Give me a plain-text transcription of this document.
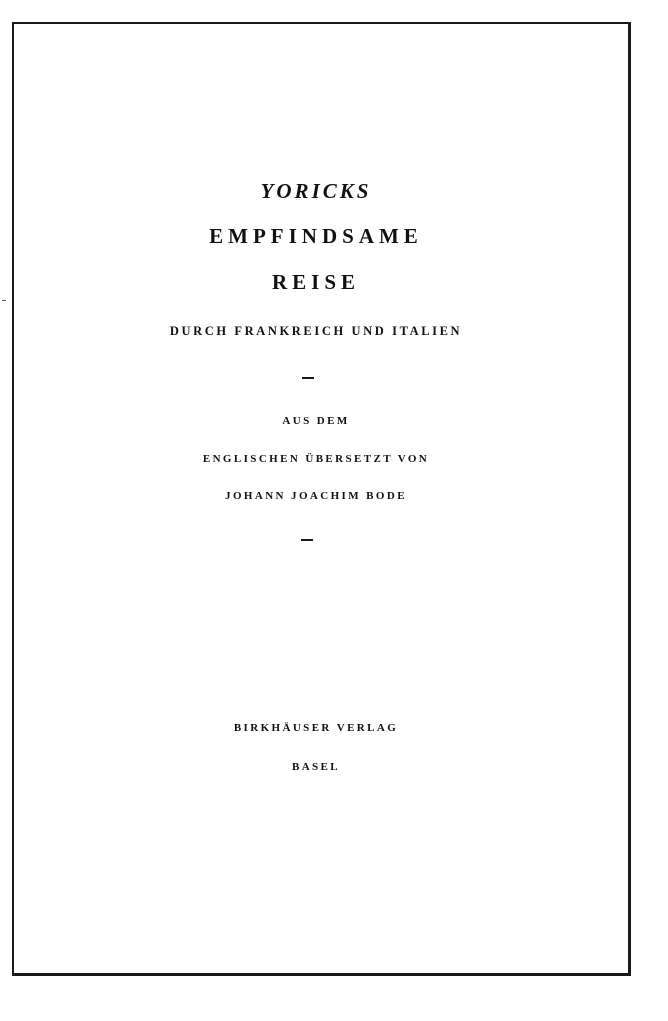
YORICKS
EMPFINDSAME
REISE
DURCH FRANKREICH UND ITALIEN
AUS DEM
ENGLISCHEN ÜBERSETZT VON
JOHANN JOACHIM BODE
BIRKHÄUSER VERLAG
BASEL
